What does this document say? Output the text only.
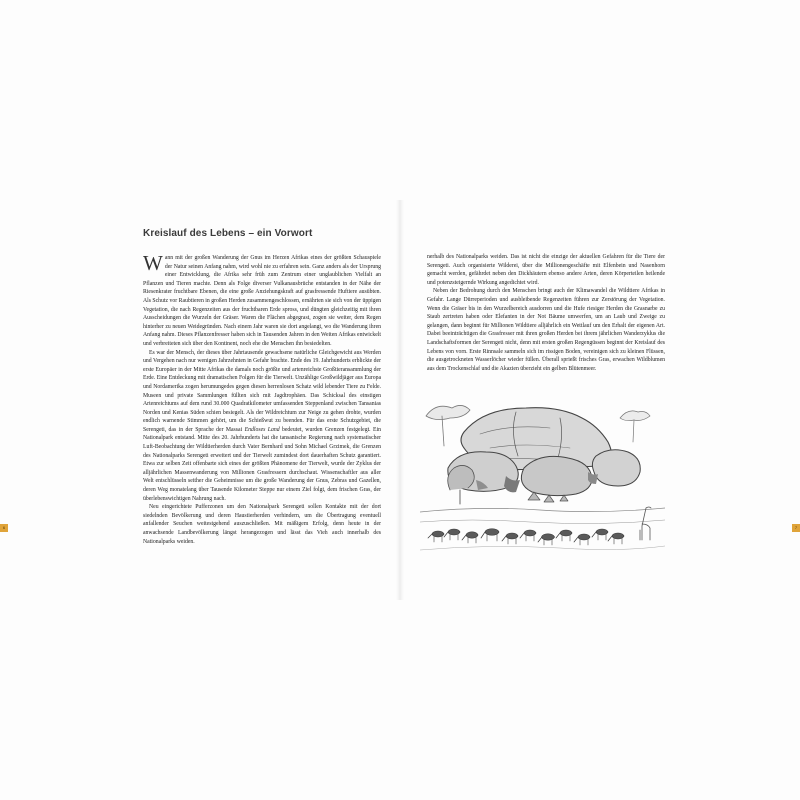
Kreislauf des Lebens – ein Vorwort

Wann mit der großen Wanderung der Gnus im Herzen Afrikas eines der größten Schauspiele der Natur seinen Anfang nahm, wird wohl nie zu erfahren sein. Ganz anders als der Ursprung einer Entwicklung, die Afrika sehr früh zum Zentrum einer unglaublichen Vielfalt an Pflanzen und Tieren machte. Denn als Folge diverser Vulkanausbrüche entstanden in der Nähe der Riesenkrater fruchtbare Ebenen, die eine große Anziehungskraft auf grasfressende Huftiere ausübten. Als Schutz vor Raubtieren in großen Herden zusammengeschlossen, ernährten sie sich von der üppigen Vegetation, die nach Regenzeiten aus der fruchtbaren Erde spross, und düngten gleichzeitig mit ihren Ausscheidungen die Wurzeln der Gräser. Waren die Flächen abgegrast, zogen sie weiter, dem Regen hinterher zu neuen Weidegründen. Nach einem Jahr waren sie dort angelangt, wo die Wanderung ihren Anfang nahm. Dieses Pflanzenfresser haben sich in Tausenden Jahren in den Weiten Afrikas entwickelt und verbreiteten sich über den Kontinent, noch ehe die Menschen ihn besiedelten.

Es war der Mensch, der dieses über Jahrtausende gewachsene natürliche Gleichgewicht aus Werden und Vergehen nach nur wenigen Jahrzehnten in Gefahr brachte. Ende des 19. Jahrhunderts erblickte der erste Europäer in der Mitte Afrikas die damals noch größte und artenreichste Großtieransammlung der Erde. Eine Entdeckung mit dramatischen Folgen für die Tierwelt. Unzählige Großwildjäger aus Europa und Nordamerika zogen herumungedes gegen diesen herrenlosen Schatz wild lebender Tiere zu Felde. Museen und private Sammlungen füllten sich mit Jagdtrophäen. Das Schicksal des einstigen Artenreichtums auf dem rund 30.000 Quadratkilometer umfassenden Steppenland zwischen Tansanias Norden und Kenias Süden schien besiegelt. Als der Wildreichtum zur Neige zu gehen drohte, wurden endlich warnende Stimmen gehört, um die Schießwut zu beenden. Für das erste Schutzgebiet, die Serengeti, das in der Sprache der Massai Endloses Land bedeutet, wurden Grenzen festgelegt. Ein Nationalpark entstand. Mitte des 20. Jahrhunderts hat die tansanische Regierung nach systematischer Luft-Beobachtung der Wildtierherden durch Vater Bernhard und Sohn Michael Grzimek, die Grenzen des Nationalparks Serengeti erweitert und der Tierwelt zumindest dort dauerhaften Schutz garantiert. Etwa zur selben Zeit offenbarte sich eines der größten Phänomene der Tierwelt, wurde der Zyklus der alljährlichen Massenwanderung von Millionen Grasfressern durchschaut. Wissenschaftler aus aller Welt entschlüsseln seither die Geheimnisse um die große Wanderung der Gnus, Zebras und Gazellen, deren Weg monatelang über Tausende Kilometer Steppe nur einem Ziel folgt, dem frischen Gras, der überlebenswichtigen Nahrung nach.

Neu eingerichtete Pufferzonen um den Nationalpark Serengeti sollen Kontakte mit der dort siedelnden Bevölkerung und deren Haustierherden verhindern, um die Übertragung eventuell anfallender Seuchen weitestgehend auszuschließen. Mit mäßigem Erfolg, denn heute in der anwachsende Landbevölkerung längst herangezogen und lässt das Vieh auch innerhalb des Nationalparks weiden.

nerhalb des Nationalparks weiden. Das ist nicht die einzige der aktuellen Gefahren für die Tiere der Serengeti. Auch organisierte Wilderei, über die Millionengeschäfte mit Elfenbein und Nasenhorn gemacht werden, gefährdet neben den Dickhäutern ebenso andere Arten, deren Körperteilen heilende und potenzsteigernde Wirkung angedichtet wird.

Neben der Bedrohung durch den Menschen bringt auch der Klimawandel die Wildtiere Afrikas in Gefahr. Lange Dürreperioden und ausbleibende Regenzeiten führen zur Zerstörung der Vegetation. Wenn die Gräser bis in den Wurzelbereich ausdorren und die Hufe riesiger Herden die Grasnarbe zu Staub zertreten haben oder Elefanten in der Not Bäume umwerfen, um an Laub und Zweige zu gelangen, dann beginnt für Millionen Wildtiere alljährlich ein Wettlauf um den Erhalt der eigenen Art. Dabei beeinträchtigen die Grasfresser mit ihren großen Herden bei ihrem jährlichen Wanderzyklus die Landschaftsformen der Serengeti nicht, denn mit ersten großen Regengüssen beginnt der Kreislauf des Lebens von vorn. Erste Rinnsale sammeln sich im rissigen Boden, vereinigen sich zu kleinen Flüssen, die ausgetrockneten Wasserlöcher wieder füllen. Überall sprießt frisches Gras, erwachen Wildblumen aus dem Trockenschlaf und die Akazien überzieht ein gelben Blütenmeer.

6	7
